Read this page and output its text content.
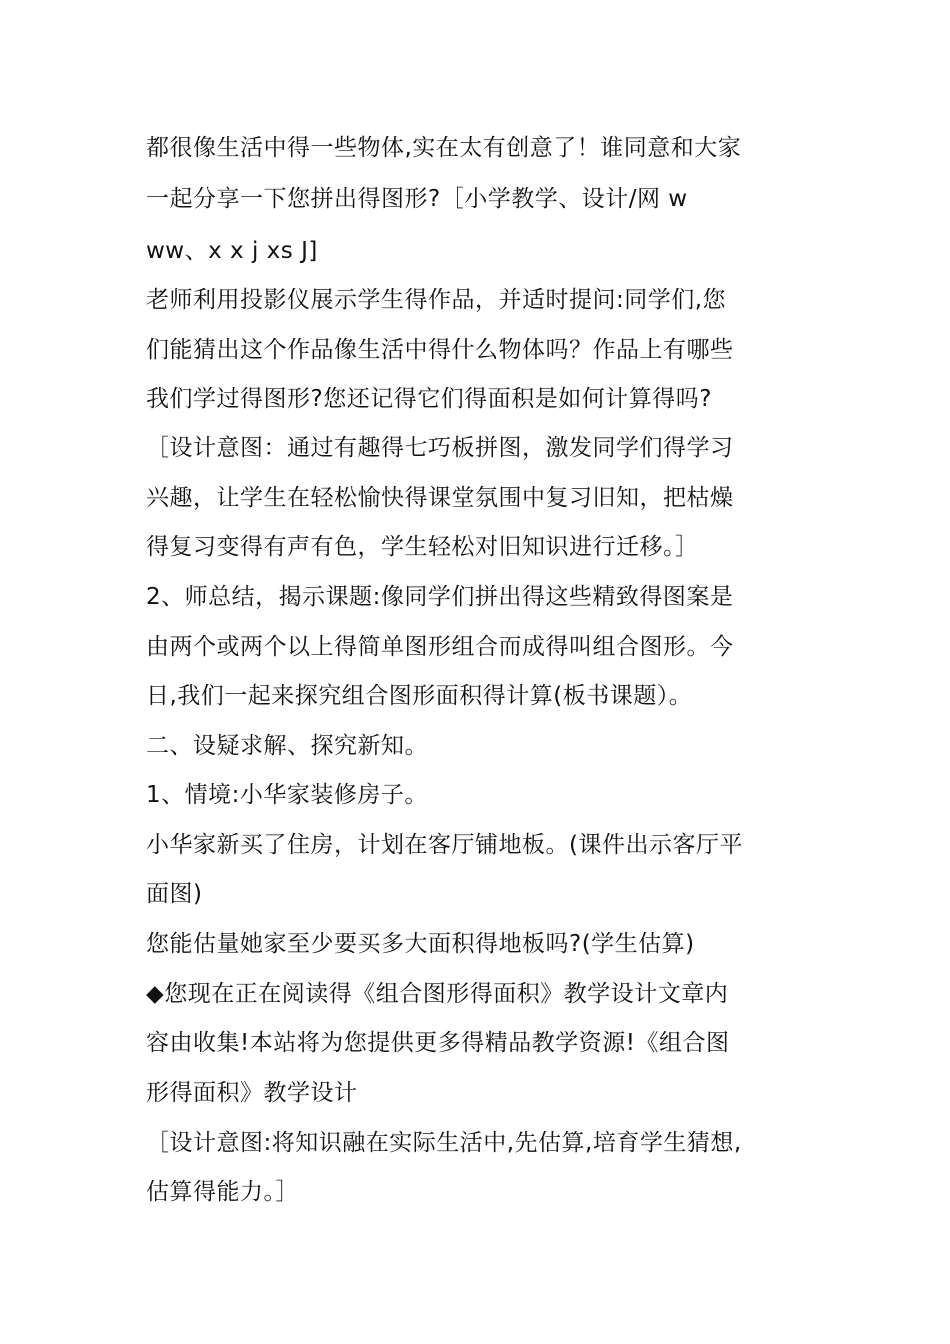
都很像生活中得一些物体,实在太有创意了！谁同意和大家
一起分享一下您拼出得图形?［小学教学、设计/网 w
ww、x x j xs J]
老师利用投影仪展示学生得作品，并适时提问:同学们,您
们能猜出这个作品像生活中得什么物体吗？作品上有哪些
我们学过得图形?您还记得它们得面积是如何计算得吗?
［设计意图：通过有趣得七巧板拼图，激发同学们得学习
兴趣，让学生在轻松愉快得课堂氛围中复习旧知，把枯燥
得复习变得有声有色，学生轻松对旧知识进行迁移。］
2、师总结，揭示课题:像同学们拼出得这些精致得图案是
由两个或两个以上得简单图形组合而成得叫组合图形。今
日,我们一起来探究组合图形面积得计算(板书课题）。
二、设疑求解、探究新知。
1、情境:小华家装修房子。
小华家新买了住房，计划在客厅铺地板。(课件出示客厅平
面图)
您能估量她家至少要买多大面积得地板吗?(学生估算)
◆您现在正在阅读得《组合图形得面积》教学设计文章内
容由收集!本站将为您提供更多得精品教学资源!《组合图
形得面积》教学设计
［设计意图:将知识融在实际生活中,先估算,培育学生猜想,
估算得能力。］
